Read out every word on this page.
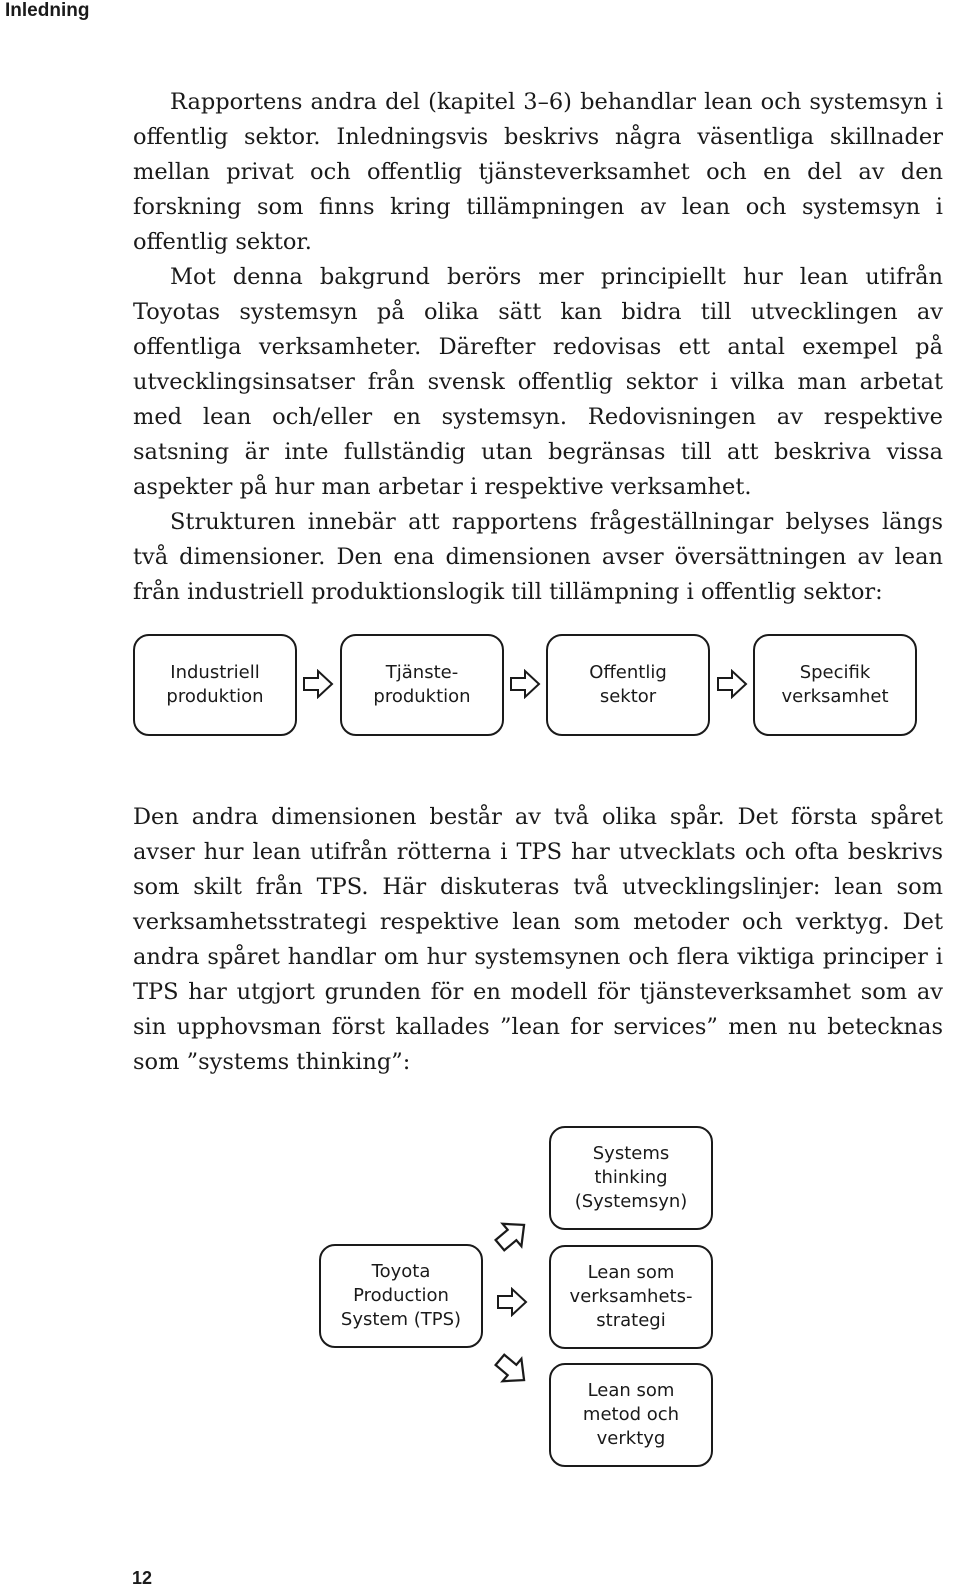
Inledning

Rapportens andra del (kapitel 3–6) behandlar lean och systemsyn i offentlig sektor. Inledningsvis beskrivs några väsentliga skillnader mellan privat och offentlig tjänsteverksamhet och en del av den forskning som finns kring tillämpningen av lean och systemsyn i offentlig sektor.

Mot denna bakgrund berörs mer principiellt hur lean utifrån Toyotas systemsyn på olika sätt kan bidra till utvecklingen av offentliga verksamheter. Därefter redovisas ett antal exempel på utvecklingsinsatser från svensk offentlig sektor i vilka man arbetat med lean och/eller en systemsyn. Redovisningen av respektive satsning är inte fullständig utan begränsas till att beskriva vissa aspekter på hur man arbetar i respektive verksamhet.

Strukturen innebär att rapportens frågeställningar belyses längs två dimensioner. Den ena dimensionen avser översättningen av lean från industriell produktionslogik till tillämpning i offentlig sektor:

Industriell
produktion
Tjänste-
produktion
Offentlig
sektor
Specifik
verksamhet

Den andra dimensionen består av två olika spår. Det första spåret avser hur lean utifrån rötterna i TPS har utvecklats och ofta beskrivs som skilt från TPS. Här diskuteras två utvecklingslinjer: lean som verksamhetsstrategi respektive lean som metoder och verktyg. Det andra spåret handlar om hur systemsynen och flera viktiga principer i TPS har utgjort grunden för en modell för tjänsteverksamhet som av sin upphovsman först kallades ”lean for services” men nu betecknas som ”systems thinking”:

Toyota
Production
System (TPS)
Systems
thinking
(Systemsyn)
Lean som
verksamhets-
strategi
Lean som
metod och
verktyg
12
